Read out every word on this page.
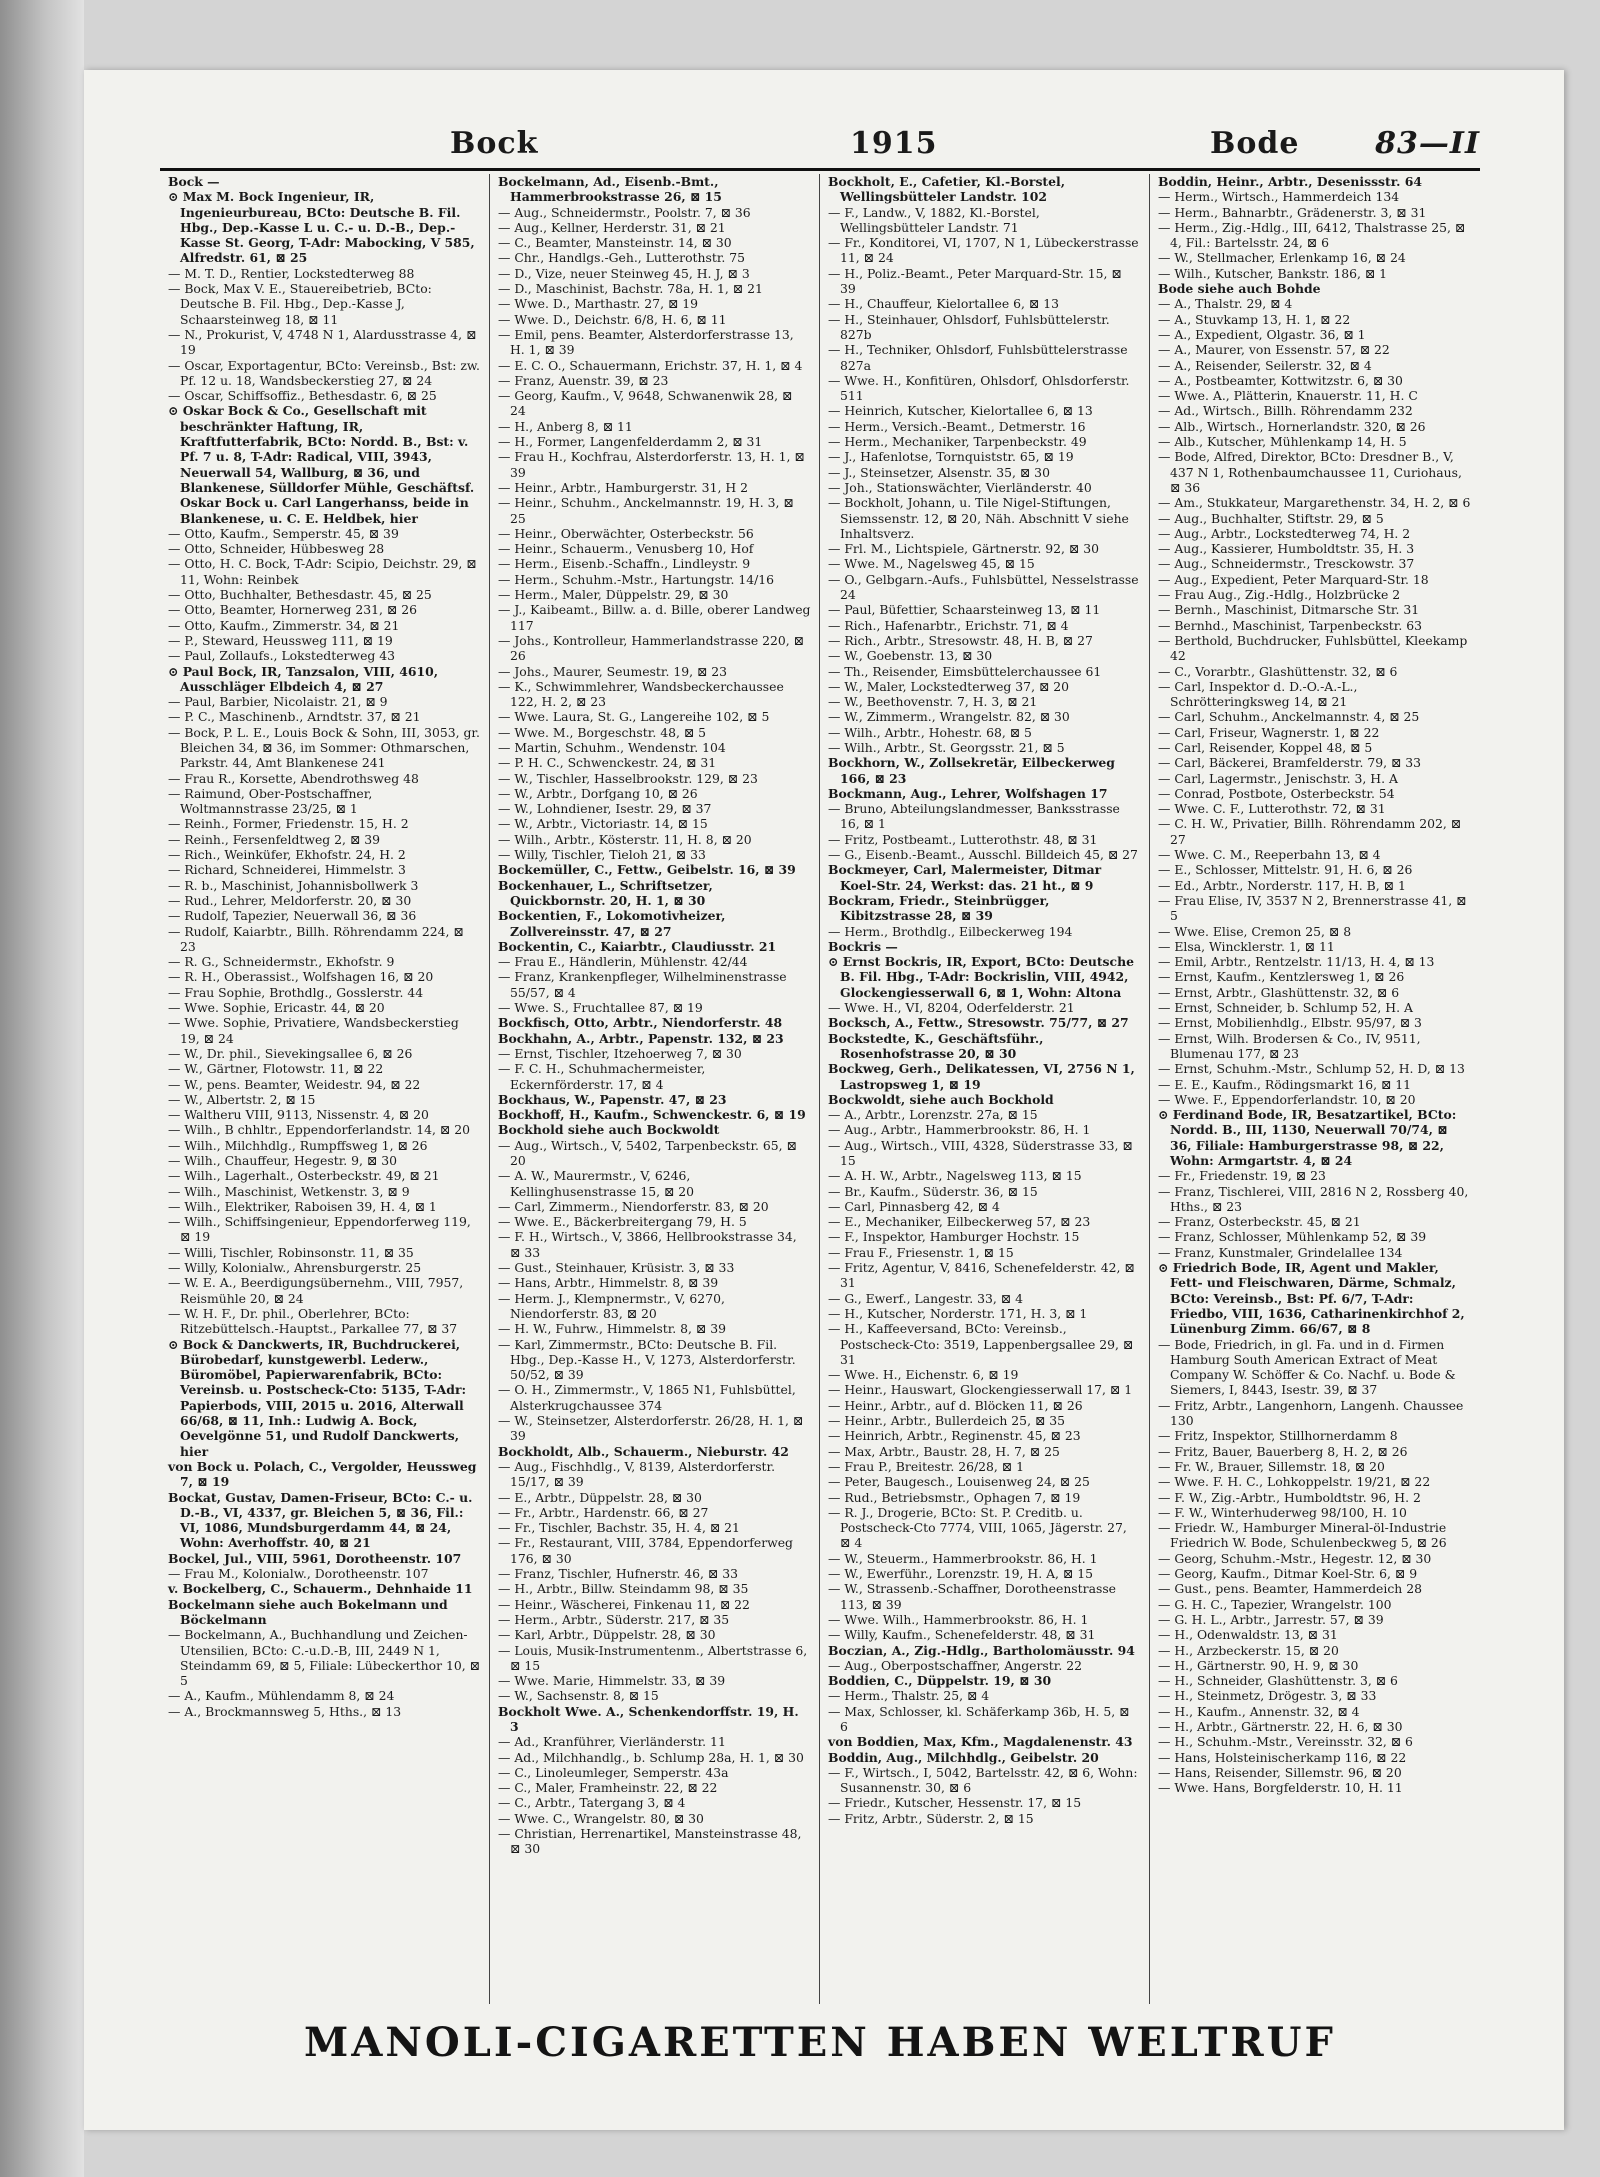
Bock	1915	Bode	83—II
Bock —
⊙ Max M. Bock Ingenieur, IR, Ingenieurbureau, BCto: Deutsche B. Fil. Hbg., Dep.-Kasse L u. C.- u. D.-B., Dep.-Kasse St. Georg, T-Adr: Mabocking, V 585, Alfredstr. 61, ⊠ 25
— M. T. D., Rentier, Lockstedterweg 88
— Bock, Max V. E., Stauereibetrieb, BCto: Deutsche B. Fil. Hbg., Dep.-Kasse J, Schaarsteinweg 18, ⊠ 11
— N., Prokurist, V, 4748 N 1, Alardusstrasse 4, ⊠ 19
— Oscar, Exportagentur, BCto: Vereinsb., Bst: zw. Pf. 12 u. 18, Wandsbeckerstieg 27, ⊠ 24
— Oscar, Schiffsoffiz., Bethesdastr. 6, ⊠ 25
⊙ Oskar Bock & Co., Gesellschaft mit beschränkter Haftung, IR, Kraftfutterfabrik, BCto: Nordd. B., Bst: v. Pf. 7 u. 8, T-Adr: Radical, VIII, 3943, Neuerwall 54, Wallburg, ⊠ 36, und Blankenese, Sülldorfer Mühle, Geschäftsf. Oskar Bock u. Carl Langerhanss, beide in Blankenese, u. C. E. Heldbek, hier
— Otto, Kaufm., Semperstr. 45, ⊠ 39
— Otto, Schneider, Hübbesweg 28
— Otto, H. C. Bock, T-Adr: Scipio, Deichstr. 29, ⊠ 11, Wohn: Reinbek
— Otto, Buchhalter, Bethesdastr. 45, ⊠ 25
— Otto, Beamter, Hornerweg 231, ⊠ 26
— Otto, Kaufm., Zimmerstr. 34, ⊠ 21
— P., Steward, Heussweg 111, ⊠ 19
— Paul, Zollaufs., Lokstedterweg 43
⊙ Paul Bock, IR, Tanzsalon, VIII, 4610, Ausschläger Elbdeich 4, ⊠ 27
— Paul, Barbier, Nicolaistr. 21, ⊠ 9
— P. C., Maschinenb., Arndtstr. 37, ⊠ 21
— Bock, P. L. E., Louis Bock & Sohn, III, 3053, gr. Bleichen 34, ⊠ 36, im Sommer: Othmarschen, Parkstr. 44, Amt Blankenese 241
— Frau R., Korsette, Abendrothsweg 48
— Raimund, Ober-Postschaffner, Woltmannstrasse 23/25, ⊠ 1
— Reinh., Former, Friedenstr. 15, H. 2
— Reinh., Fersenfeldtweg 2, ⊠ 39
— Rich., Weinküfer, Ekhofstr. 24, H. 2
— Richard, Schneiderei, Himmelstr. 3
— R. b., Maschinist, Johannisbollwerk 3
— Rud., Lehrer, Meldorferstr. 20, ⊠ 30
— Rudolf, Tapezier, Neuerwall 36, ⊠ 36
— Rudolf, Kaiarbtr., Billh. Röhrendamm 224, ⊠ 23
— R. G., Schneidermstr., Ekhofstr. 9
— R. H., Oberassist., Wolfshagen 16, ⊠ 20
— Frau Sophie, Brothdlg., Gosslerstr. 44
— Wwe. Sophie, Ericastr. 44, ⊠ 20
— Wwe. Sophie, Privatiere, Wandsbeckerstieg 19, ⊠ 24
— W., Dr. phil., Sievekingsallee 6, ⊠ 26
— W., Gärtner, Flotowstr. 11, ⊠ 22
— W., pens. Beamter, Weidestr. 94, ⊠ 22
— W., Albertstr. 2, ⊠ 15
— Waltheru VIII, 9113, Nissenstr. 4, ⊠ 20
— Wilh., B chhltr., Eppendorferlandstr. 14, ⊠ 20
— Wilh., Milchhdlg., Rumpffsweg 1, ⊠ 26
— Wilh., Chauffeur, Hegestr. 9, ⊠ 30
— Wilh., Lagerhalt., Osterbeckstr. 49, ⊠ 21
— Wilh., Maschinist, Wetkenstr. 3, ⊠ 9
— Wilh., Elektriker, Raboisen 39, H. 4, ⊠ 1
— Wilh., Schiffsingenieur, Eppendorferweg 119, ⊠ 19
— Willi, Tischler, Robinsonstr. 11, ⊠ 35
— Willy, Kolonialw., Ahrensburgerstr. 25
— W. E. A., Beerdigungsübernehm., VIII, 7957, Reismühle 20, ⊠ 24
— W. H. F., Dr. phil., Oberlehrer, BCto: Ritzebüttelsch.-Hauptst., Parkallee 77, ⊠ 37
⊙ Bock & Danckwerts, IR, Buchdruckerei, Bürobedarf, kunstgewerbl. Lederw., Büromöbel, Papierwarenfabrik, BCto: Vereinsb. u. Postscheck-Cto: 5135, T-Adr: Papierbods, VIII, 2015 u. 2016, Alterwall 66/68, ⊠ 11, Inh.: Ludwig A. Bock, Oevelgönne 51, und Rudolf Danckwerts, hier
von Bock u. Polach, C., Vergolder, Heussweg 7, ⊠ 19
Bockat, Gustav, Damen-Friseur, BCto: C.- u. D.-B., VI, 4337, gr. Bleichen 5, ⊠ 36, Fil.: VI, 1086, Mundsburgerdamm 44, ⊠ 24, Wohn: Averhoffstr. 40, ⊠ 21
Bockel, Jul., VIII, 5961, Dorotheenstr. 107
— Frau M., Kolonialw., Dorotheenstr. 107
v. Bockelberg, C., Schauerm., Dehnhaide 11
Bockelmann siehe auch Bokelmann und Böckelmann
— Bockelmann, A., Buchhandlung und Zeichen-Utensilien, BCto: C.-u.D.-B, III, 2449 N 1, Steindamm 69, ⊠ 5, Filiale: Lübeckerthor 10, ⊠ 5
— A., Kaufm., Mühlendamm 8, ⊠ 24
— A., Brockmannsweg 5, Hths., ⊠ 13
Bockelmann, Ad., Eisenb.-Bmt., Hammerbrookstrasse 26, ⊠ 15
— Aug., Schneidermstr., Poolstr. 7, ⊠ 36
— Aug., Kellner, Herderstr. 31, ⊠ 21
— C., Beamter, Mansteinstr. 14, ⊠ 30
— Chr., Handlgs.-Geh., Lutterothstr. 75
— D., Vize, neuer Steinweg 45, H. J, ⊠ 3
— D., Maschinist, Bachstr. 78a, H. 1, ⊠ 21
— Wwe. D., Marthastr. 27, ⊠ 19
— Wwe. D., Deichstr. 6/8, H. 6, ⊠ 11
— Emil, pens. Beamter, Alsterdorferstrasse 13, H. 1, ⊠ 39
— E. C. O., Schauermann, Erichstr. 37, H. 1, ⊠ 4
— Franz, Auenstr. 39, ⊠ 23
— Georg, Kaufm., V, 9648, Schwanenwik 28, ⊠ 24
— H., Anberg 8, ⊠ 11
— H., Former, Langenfelderdamm 2, ⊠ 31
— Frau H., Kochfrau, Alsterdorferstr. 13, H. 1, ⊠ 39
— Heinr., Arbtr., Hamburgerstr. 31, H 2
— Heinr., Schuhm., Anckelmannstr. 19, H. 3, ⊠ 25
— Heinr., Oberwächter, Osterbeckstr. 56
— Heinr., Schauerm., Venusberg 10, Hof
— Herm., Eisenb.-Schaffn., Lindleystr. 9
— Herm., Schuhm.-Mstr., Hartungstr. 14/16
— Herm., Maler, Düppelstr. 29, ⊠ 30
— J., Kaibeamt., Billw. a. d. Bille, oberer Landweg 117
— Johs., Kontrolleur, Hammerlandstrasse 220, ⊠ 26
— Johs., Maurer, Seumestr. 19, ⊠ 23
— K., Schwimmlehrer, Wandsbeckerchaussee 122, H. 2, ⊠ 23
— Wwe. Laura, St. G., Langereihe 102, ⊠ 5
— Wwe. M., Borgeschstr. 48, ⊠ 5
— Martin, Schuhm., Wendenstr. 104
— P. H. C., Schwenckestr. 24, ⊠ 31
— W., Tischler, Hasselbrookstr. 129, ⊠ 23
— W., Arbtr., Dorfgang 10, ⊠ 26
— W., Lohndiener, Isestr. 29, ⊠ 37
— W., Arbtr., Victoriastr. 14, ⊠ 15
— Wilh., Arbtr., Kösterstr. 11, H. 8, ⊠ 20
— Willy, Tischler, Tieloh 21, ⊠ 33
Bockemüller, C., Fettw., Geibelstr. 16, ⊠ 39
Bockenhauer, L., Schriftsetzer, Quickbornstr. 20, H. 1, ⊠ 30
Bockentien, F., Lokomotivheizer, Zollvereinsstr. 47, ⊠ 27
Bockentin, C., Kaiarbtr., Claudiusstr. 21
— Frau E., Händlerin, Mühlenstr. 42/44
— Franz, Krankenpfleger, Wilhelminenstrasse 55/57, ⊠ 4
— Wwe. S., Fruchtallee 87, ⊠ 19
Bockfisch, Otto, Arbtr., Niendorferstr. 48
Bockhahn, A., Arbtr., Papenstr. 132, ⊠ 23
— Ernst, Tischler, Itzehoerweg 7, ⊠ 30
— F. C. H., Schuhmachermeister, Eckernförderstr. 17, ⊠ 4
Bockhaus, W., Papenstr. 47, ⊠ 23
Bockhoff, H., Kaufm., Schwenckestr. 6, ⊠ 19
Bockhold siehe auch Bockwoldt
— Aug., Wirtsch., V, 5402, Tarpenbeckstr. 65, ⊠ 20
— A. W., Maurermstr., V, 6246, Kellinghusenstrasse 15, ⊠ 20
— Carl, Zimmerm., Niendorferstr. 83, ⊠ 20
— Wwe. E., Bäckerbreitergang 79, H. 5
— F. H., Wirtsch., V, 3866, Hellbrookstrasse 34, ⊠ 33
— Gust., Steinhauer, Krüsistr. 3, ⊠ 33
— Hans, Arbtr., Himmelstr. 8, ⊠ 39
— Herm. J., Klempnermstr., V, 6270, Niendorferstr. 83, ⊠ 20
— H. W., Fuhrw., Himmelstr. 8, ⊠ 39
— Karl, Zimmermstr., BCto: Deutsche B. Fil. Hbg., Dep.-Kasse H., V, 1273, Alsterdorferstr. 50/52, ⊠ 39
— O. H., Zimmermstr., V, 1865 N1, Fuhlsbüttel, Alsterkrugchaussee 374
— W., Steinsetzer, Alsterdorferstr. 26/28, H. 1, ⊠ 39
Bockholdt, Alb., Schauerm., Nieburstr. 42
— Aug., Fischhdlg., V, 8139, Alsterdorferstr. 15/17, ⊠ 39
— E., Arbtr., Düppelstr. 28, ⊠ 30
— Fr., Arbtr., Hardenstr. 66, ⊠ 27
— Fr., Tischler, Bachstr. 35, H. 4, ⊠ 21
— Fr., Restaurant, VIII, 3784, Eppendorferweg 176, ⊠ 30
— Franz, Tischler, Hufnerstr. 46, ⊠ 33
— H., Arbtr., Billw. Steindamm 98, ⊠ 35
— Heinr., Wäscherei, Finkenau 11, ⊠ 22
— Herm., Arbtr., Süderstr. 217, ⊠ 35
— Karl, Arbtr., Düppelstr. 28, ⊠ 30
— Louis, Musik-Instrumentenm., Albertstrasse 6, ⊠ 15
— Wwe. Marie, Himmelstr. 33, ⊠ 39
— W., Sachsenstr. 8, ⊠ 15
Bockholt Wwe. A., Schenkendorffstr. 19, H. 3
— Ad., Kranführer, Vierländerstr. 11
— Ad., Milchhandlg., b. Schlump 28a, H. 1, ⊠ 30
— C., Linoleumleger, Semperstr. 43a
— C., Maler, Framheinstr. 22, ⊠ 22
— C., Arbtr., Tatergang 3, ⊠ 4
— Wwe. C., Wrangelstr. 80, ⊠ 30
— Christian, Herrenartikel, Mansteinstrasse 48, ⊠ 30
Bockholt, E., Cafetier, Kl.-Borstel, Wellingsbütteler Landstr. 102
— F., Landw., V, 1882, Kl.-Borstel, Wellingsbütteler Landstr. 71
— Fr., Konditorei, VI, 1707, N 1, Lübeckerstrasse 11, ⊠ 24
— H., Poliz.-Beamt., Peter Marquard-Str. 15, ⊠ 39
— H., Chauffeur, Kielortallee 6, ⊠ 13
— H., Steinhauer, Ohlsdorf, Fuhlsbüttelerstr. 827b
— H., Techniker, Ohlsdorf, Fuhlsbüttelerstrasse 827a
— Wwe. H., Konfitüren, Ohlsdorf, Ohlsdorferstr. 511
— Heinrich, Kutscher, Kielortallee 6, ⊠ 13
— Herm., Versich.-Beamt., Detmerstr. 16
— Herm., Mechaniker, Tarpenbeckstr. 49
— J., Hafenlotse, Tornquiststr. 65, ⊠ 19
— J., Steinsetzer, Alsenstr. 35, ⊠ 30
— Joh., Stationswächter, Vierländerstr. 40
— Bockholt, Johann, u. Tile Nigel-Stiftungen, Siemssenstr. 12, ⊠ 20, Näh. Abschnitt V siehe Inhaltsverz.
— Frl. M., Lichtspiele, Gärtnerstr. 92, ⊠ 30
— Wwe. M., Nagelsweg 45, ⊠ 15
— O., Gelbgarn.-Aufs., Fuhlsbüttel, Nesselstrasse 24
— Paul, Büfettier, Schaarsteinweg 13, ⊠ 11
— Rich., Hafenarbtr., Erichstr. 71, ⊠ 4
— Rich., Arbtr., Stresowstr. 48, H. B, ⊠ 27
— W., Goebenstr. 13, ⊠ 30
— Th., Reisender, Eimsbüttelerchaussee 61
— W., Maler, Lockstedterweg 37, ⊠ 20
— W., Beethovenstr. 7, H. 3, ⊠ 21
— W., Zimmerm., Wrangelstr. 82, ⊠ 30
— Wilh., Arbtr., Hohestr. 68, ⊠ 5
— Wilh., Arbtr., St. Georgsstr. 21, ⊠ 5
Bockhorn, W., Zollsekretär, Eilbeckerweg 166, ⊠ 23
Bockmann, Aug., Lehrer, Wolfshagen 17
— Bruno, Abteilungslandmesser, Banksstrasse 16, ⊠ 1
— Fritz, Postbeamt., Lutterothstr. 48, ⊠ 31
— G., Eisenb.-Beamt., Ausschl. Billdeich 45, ⊠ 27
Bockmeyer, Carl, Malermeister, Ditmar Koel-Str. 24, Werkst: das. 21 ht., ⊠ 9
Bockram, Friedr., Steinbrügger, Kibitzstrasse 28, ⊠ 39
— Herm., Brothdlg., Eilbeckerweg 194
Bockris —
⊙ Ernst Bockris, IR, Export, BCto: Deutsche B. Fil. Hbg., T-Adr: Bockrislin, VIII, 4942, Glockengiesserwall 6, ⊠ 1, Wohn: Altona
— Wwe. H., VI, 8204, Oderfelderstr. 21
Bocksch, A., Fettw., Stresowstr. 75/77, ⊠ 27
Bockstedte, K., Geschäftsführ., Rosenhofstrasse 20, ⊠ 30
Bockweg, Gerh., Delikatessen, VI, 2756 N 1, Lastropsweg 1, ⊠ 19
Bockwoldt, siehe auch Bockhold
— A., Arbtr., Lorenzstr. 27a, ⊠ 15
— Aug., Arbtr., Hammerbrookstr. 86, H. 1
— Aug., Wirtsch., VIII, 4328, Süderstrasse 33, ⊠ 15
— A. H. W., Arbtr., Nagelsweg 113, ⊠ 15
— Br., Kaufm., Süderstr. 36, ⊠ 15
— Carl, Pinnasberg 42, ⊠ 4
— E., Mechaniker, Eilbeckerweg 57, ⊠ 23
— F., Inspektor, Hamburger Hochstr. 15
— Frau F., Friesenstr. 1, ⊠ 15
— Fritz, Agentur, V, 8416, Schenefelderstr. 42, ⊠ 31
— G., Ewerf., Langestr. 33, ⊠ 4
— H., Kutscher, Norderstr. 171, H. 3, ⊠ 1
— H., Kaffeeversand, BCto: Vereinsb., Postscheck-Cto: 3519, Lappenbergsallee 29, ⊠ 31
— Wwe. H., Eichenstr. 6, ⊠ 19
— Heinr., Hauswart, Glockengiesserwall 17, ⊠ 1
— Heinr., Arbtr., auf d. Blöcken 11, ⊠ 26
— Heinr., Arbtr., Bullerdeich 25, ⊠ 35
— Heinrich, Arbtr., Reginenstr. 45, ⊠ 23
— Max, Arbtr., Baustr. 28, H. 7, ⊠ 25
— Frau P., Breitestr. 26/28, ⊠ 1
— Peter, Baugesch., Louisenweg 24, ⊠ 25
— Rud., Betriebsmstr., Ophagen 7, ⊠ 19
— R. J., Drogerie, BCto: St. P. Creditb. u. Postscheck-Cto 7774, VIII, 1065, Jägerstr. 27, ⊠ 4
— W., Steuerm., Hammerbrookstr. 86, H. 1
— W., Ewerführ., Lorenzstr. 19, H. A, ⊠ 15
— W., Strassenb.-Schaffner, Dorotheenstrasse 113, ⊠ 39
— Wwe. Wilh., Hammerbrookstr. 86, H. 1
— Willy, Kaufm., Schenefelderstr. 48, ⊠ 31
Boczian, A., Zig.-Hdlg., Bartholomäusstr. 94
— Aug., Oberpostschaffner, Angerstr. 22
Boddien, C., Düppelstr. 19, ⊠ 30
— Herm., Thalstr. 25, ⊠ 4
— Max, Schlosser, kl. Schäferkamp 36b, H. 5, ⊠ 6
von Boddien, Max, Kfm., Magdalenenstr. 43
Boddin, Aug., Milchhdlg., Geibelstr. 20
— F., Wirtsch., I, 5042, Bartelsstr. 42, ⊠ 6, Wohn: Susannenstr. 30, ⊠ 6
— Friedr., Kutscher, Hessenstr. 17, ⊠ 15
— Fritz, Arbtr., Süderstr. 2, ⊠ 15
Boddin, Heinr., Arbtr., Desenissstr. 64
— Herm., Wirtsch., Hammerdeich 134
— Herm., Bahnarbtr., Grädenerstr. 3, ⊠ 31
— Herm., Zig.-Hdlg., III, 6412, Thalstrasse 25, ⊠ 4, Fil.: Bartelsstr. 24, ⊠ 6
— W., Stellmacher, Erlenkamp 16, ⊠ 24
— Wilh., Kutscher, Bankstr. 186, ⊠ 1
Bode siehe auch Bohde
— A., Thalstr. 29, ⊠ 4
— A., Stuvkamp 13, H. 1, ⊠ 22
— A., Expedient, Olgastr. 36, ⊠ 1
— A., Maurer, von Essenstr. 57, ⊠ 22
— A., Reisender, Seilerstr. 32, ⊠ 4
— A., Postbeamter, Kottwitzstr. 6, ⊠ 30
— Wwe. A., Plätterin, Knauerstr. 11, H. C
— Ad., Wirtsch., Billh. Röhrendamm 232
— Alb., Wirtsch., Hornerlandstr. 320, ⊠ 26
— Alb., Kutscher, Mühlenkamp 14, H. 5
— Bode, Alfred, Direktor, BCto: Dresdner B., V, 437 N 1, Rothenbaumchaussee 11, Curiohaus, ⊠ 36
— Am., Stukkateur, Margarethenstr. 34, H. 2, ⊠ 6
— Aug., Buchhalter, Stiftstr. 29, ⊠ 5
— Aug., Arbtr., Lockstedterweg 74, H. 2
— Aug., Kassierer, Humboldtstr. 35, H. 3
— Aug., Schneidermstr., Tresckowstr. 37
— Aug., Expedient, Peter Marquard-Str. 18
— Frau Aug., Zig.-Hdlg., Holzbrücke 2
— Bernh., Maschinist, Ditmarsche Str. 31
— Bernhd., Maschinist, Tarpenbeckstr. 63
— Berthold, Buchdrucker, Fuhlsbüttel, Kleekamp 42
— C., Vorarbtr., Glashüttenstr. 32, ⊠ 6
— Carl, Inspektor d. D.-O.-A.-L., Schrötteringksweg 14, ⊠ 21
— Carl, Schuhm., Anckelmannstr. 4, ⊠ 25
— Carl, Friseur, Wagnerstr. 1, ⊠ 22
— Carl, Reisender, Koppel 48, ⊠ 5
— Carl, Bäckerei, Bramfelderstr. 79, ⊠ 33
— Carl, Lagermstr., Jenischstr. 3, H. A
— Conrad, Postbote, Osterbeckstr. 54
— Wwe. C. F., Lutterothstr. 72, ⊠ 31
— C. H. W., Privatier, Billh. Röhrendamm 202, ⊠ 27
— Wwe. C. M., Reeperbahn 13, ⊠ 4
— E., Schlosser, Mittelstr. 91, H. 6, ⊠ 26
— Ed., Arbtr., Norderstr. 117, H. B, ⊠ 1
— Frau Elise, IV, 3537 N 2, Brennerstrasse 41, ⊠ 5
— Wwe. Elise, Cremon 25, ⊠ 8
— Elsa, Wincklerstr. 1, ⊠ 11
— Emil, Arbtr., Rentzelstr. 11/13, H. 4, ⊠ 13
— Ernst, Kaufm., Kentzlersweg 1, ⊠ 26
— Ernst, Arbtr., Glashüttenstr. 32, ⊠ 6
— Ernst, Schneider, b. Schlump 52, H. A
— Ernst, Mobilienhdlg., Elbstr. 95/97, ⊠ 3
— Ernst, Wilh. Brodersen & Co., IV, 9511, Blumenau 177, ⊠ 23
— Ernst, Schuhm.-Mstr., Schlump 52, H. D, ⊠ 13
— E. E., Kaufm., Rödingsmarkt 16, ⊠ 11
— Wwe. F., Eppendorferlandstr. 10, ⊠ 20
⊙ Ferdinand Bode, IR, Besatzartikel, BCto: Nordd. B., III, 1130, Neuerwall 70/74, ⊠ 36, Filiale: Hamburgerstrasse 98, ⊠ 22, Wohn: Armgartstr. 4, ⊠ 24
— Fr., Friedenstr. 19, ⊠ 23
— Franz, Tischlerei, VIII, 2816 N 2, Rossberg 40, Hths., ⊠ 23
— Franz, Osterbeckstr. 45, ⊠ 21
— Franz, Schlosser, Mühlenkamp 52, ⊠ 39
— Franz, Kunstmaler, Grindelallee 134
⊙ Friedrich Bode, IR, Agent und Makler, Fett- und Fleischwaren, Därme, Schmalz, BCto: Vereinsb., Bst: Pf. 6/7, T-Adr: Friedbo, VIII, 1636, Catharinenkirchhof 2, Lünenburg Zimm. 66/67, ⊠ 8
— Bode, Friedrich, in gl. Fa. und in d. Firmen Hamburg South American Extract of Meat Company W. Schöffer & Co. Nachf. u. Bode & Siemers, I, 8443, Isestr. 39, ⊠ 37
— Fritz, Arbtr., Langenhorn, Langenh. Chaussee 130
— Fritz, Inspektor, Stillhornerdamm 8
— Fritz, Bauer, Bauerberg 8, H. 2, ⊠ 26
— Fr. W., Brauer, Sillemstr. 18, ⊠ 20
— Wwe. F. H. C., Lohkoppelstr. 19/21, ⊠ 22
— F. W., Zig.-Arbtr., Humboldtstr. 96, H. 2
— F. W., Winterhuderweg 98/100, H. 10
— Friedr. W., Hamburger Mineral-öl-Industrie Friedrich W. Bode, Schulenbeckweg 5, ⊠ 26
— Georg, Schuhm.-Mstr., Hegestr. 12, ⊠ 30
— Georg, Kaufm., Ditmar Koel-Str. 6, ⊠ 9
— Gust., pens. Beamter, Hammerdeich 28
— G. H. C., Tapezier, Wrangelstr. 100
— G. H. L., Arbtr., Jarrestr. 57, ⊠ 39
— H., Odenwaldstr. 13, ⊠ 31
— H., Arzbeckerstr. 15, ⊠ 20
— H., Gärtnerstr. 90, H. 9, ⊠ 30
— H., Schneider, Glashüttenstr. 3, ⊠ 6
— H., Steinmetz, Drögestr. 3, ⊠ 33
— H., Kaufm., Annenstr. 32, ⊠ 4
— H., Arbtr., Gärtnerstr. 22, H. 6, ⊠ 30
— H., Schuhm.-Mstr., Vereinsstr. 32, ⊠ 6
— Hans, Holsteinischerkamp 116, ⊠ 22
— Hans, Reisender, Sillemstr. 96, ⊠ 20
— Wwe. Hans, Borgfelderstr. 10, H. 11
MANOLI-CIGARETTEN HABEN WELTRUF
